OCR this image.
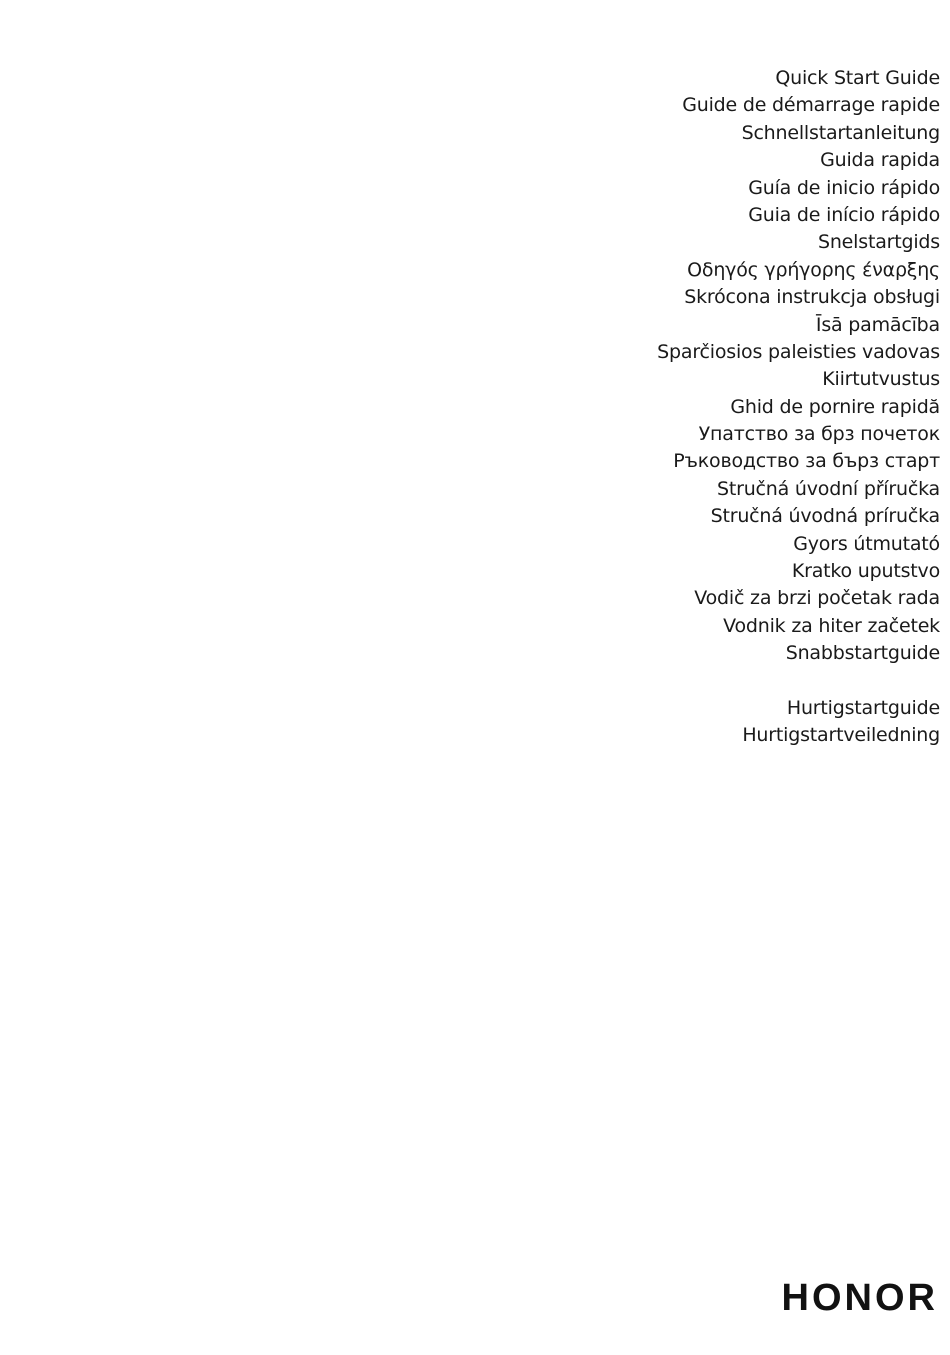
Quick Start Guide
Guide de démarrage rapide
Schnellstartanleitung
Guida rapida
Guía de inicio rápido
Guia de início rápido
Snelstartgids
Οδηγός γρήγορης έναρξης
Skrócona instrukcja obsługi
Īsā pamācība
Sparčiosios paleisties vadovas
Kiirtutvustus
Ghid de pornire rapidă
Упатство за брз почеток
Ръководство за бърз старт
Stručná úvodní příručka
Stručná úvodná príručka
Gyors útmutató
Kratko uputstvo
Vodič za brzi početak rada
Vodnik za hiter začetek
Snabbstartguide
Hurtigstartguide
Hurtigstartveiledning
HONOR
